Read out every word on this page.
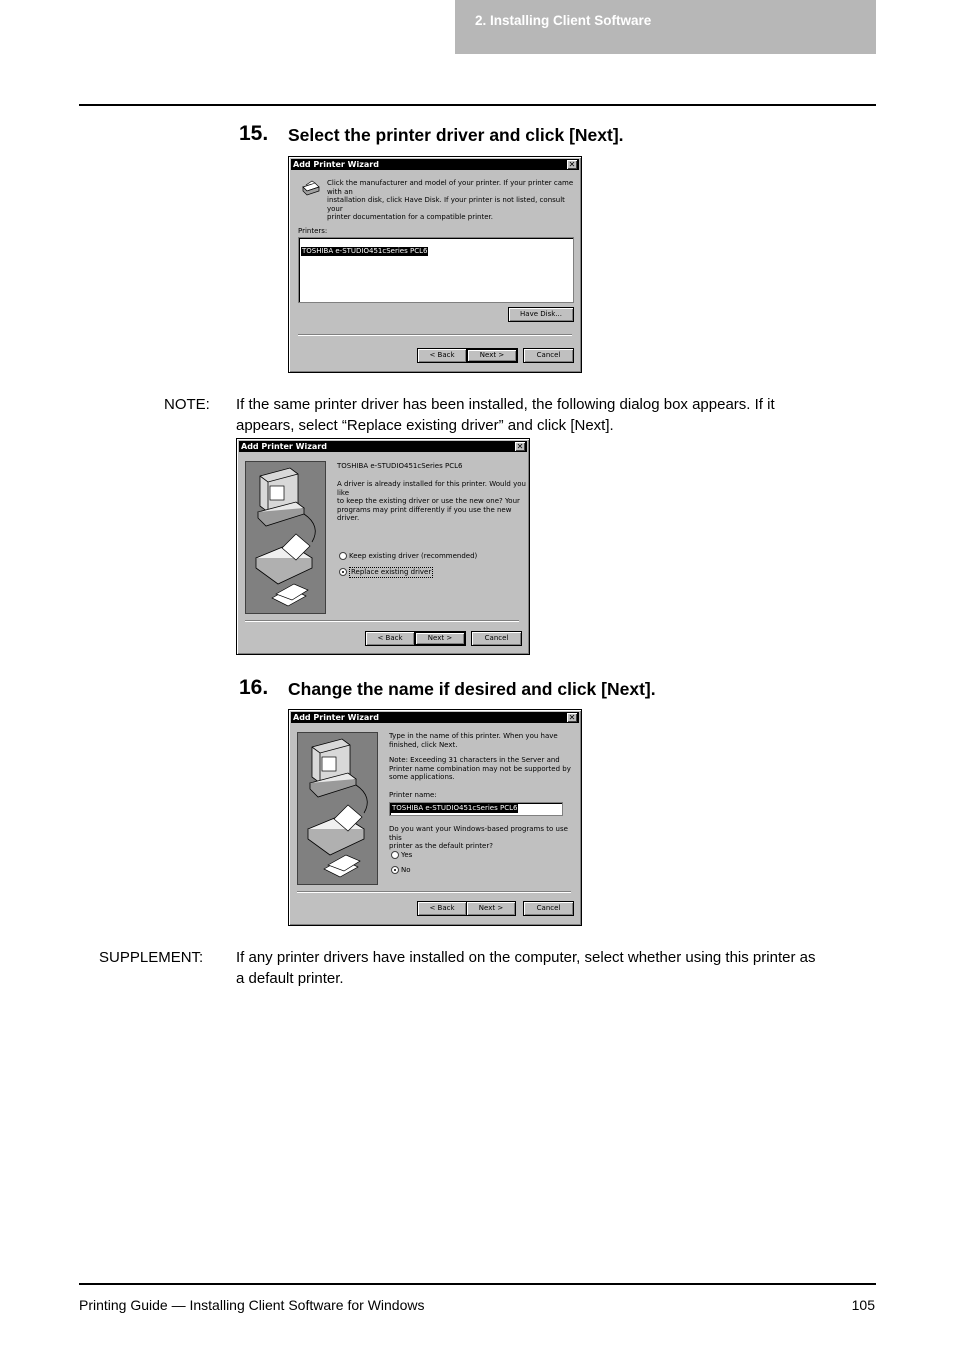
2. Installing Client Software
15. Select the printer driver and click [Next].
Add Printer Wizard	✕
Click the manufacturer and model of your printer. If your printer came with an
installation disk, click Have Disk. If your printer is not listed, consult your
printer documentation for a compatible printer.
Printers:
TOSHIBA e-STUDIO451cSeries PCL6
Have Disk...
< Back	Next >	Cancel
NOTE: If the same printer driver has been installed, the following dialog box appears. If it
appears, select “Replace existing driver” and click [Next].
Add Printer Wizard	✕
TOSHIBA e-STUDIO451cSeries PCL6
A driver is already installed for this printer. Would you like
to keep the existing driver or use the new one? Your
programs may print differently if you use the new driver.
Keep existing driver (recommended)
Replace existing driver
< Back	Next >	Cancel
16. Change the name if desired and click [Next].
Add Printer Wizard	✕
Type in the name of this printer. When you have
finished, click Next.
Note: Exceeding 31 characters in the Server and
Printer name combination may not be supported by
some applications.
Printer name:
TOSHIBA e-STUDIO451cSeries PCL6
Do you want your Windows-based programs to use this
printer as the default printer?
Yes
No
< Back	Next >	Cancel
SUPPLEMENT: If any printer drivers have installed on the computer, select whether using this printer as
a default printer.
Printing Guide — Installing Client Software for Windows	105
